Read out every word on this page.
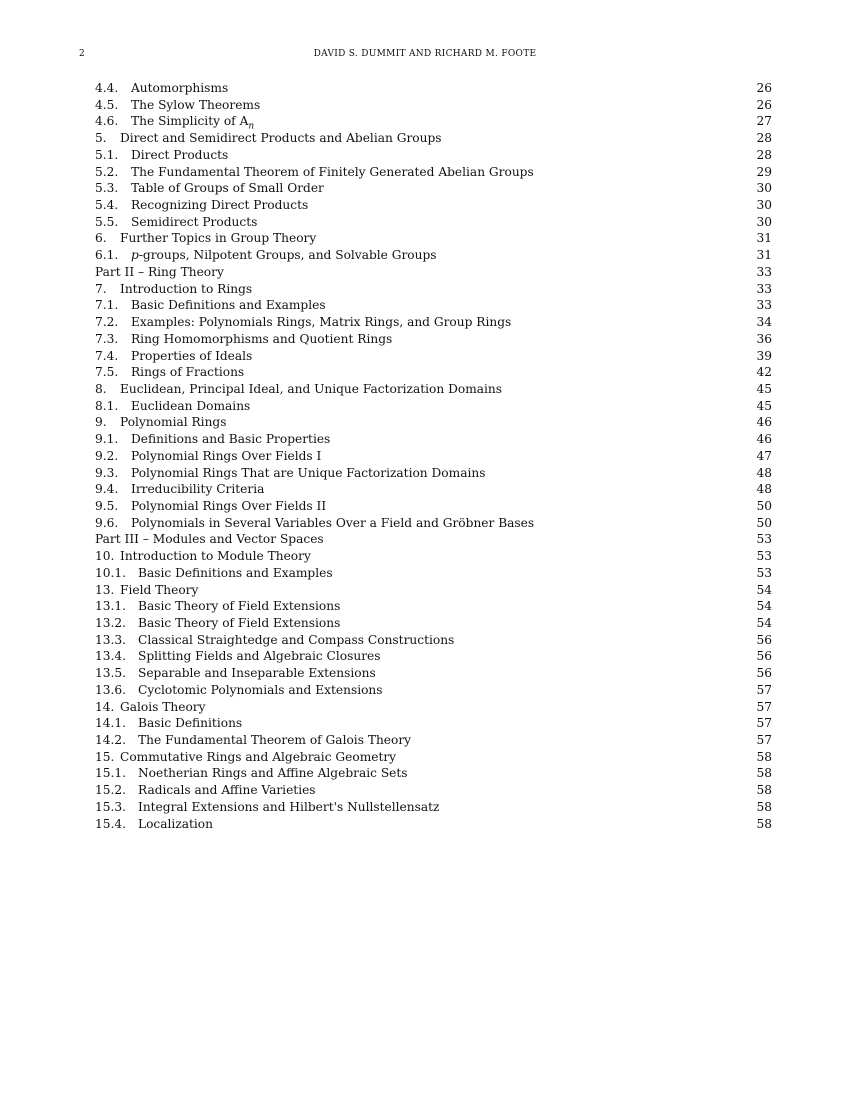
2	DAVID S. DUMMIT AND RICHARD M. FOOTE
4.4. Automorphisms	26
4.5. The Sylow Theorems	26
4.6. The Simplicity of $A_n$	27
5. Direct and Semidirect Products and Abelian Groups	28
5.1. Direct Products	28
5.2. The Fundamental Theorem of Finitely Generated Abelian Groups	29
5.3. Table of Groups of Small Order	30
5.4. Recognizing Direct Products	30
5.5. Semidirect Products	30
6. Further Topics in Group Theory	31
6.1. p-groups, Nilpotent Groups, and Solvable Groups	31
Part II – Ring Theory	33
7. Introduction to Rings	33
7.1. Basic Definitions and Examples	33
7.2. Examples: Polynomials Rings, Matrix Rings, and Group Rings	34
7.3. Ring Homomorphisms and Quotient Rings	36
7.4. Properties of Ideals	39
7.5. Rings of Fractions	42
8. Euclidean, Principal Ideal, and Unique Factorization Domains	45
8.1. Euclidean Domains	45
9. Polynomial Rings	46
9.1. Definitions and Basic Properties	46
9.2. Polynomial Rings Over Fields I	47
9.3. Polynomial Rings That are Unique Factorization Domains	48
9.4. Irreducibility Criteria	48
9.5. Polynomial Rings Over Fields II	50
9.6. Polynomials in Several Variables Over a Field and Gröbner Bases	50
Part III – Modules and Vector Spaces	53
10. Introduction to Module Theory	53
10.1. Basic Definitions and Examples	53
13. Field Theory	54
13.1. Basic Theory of Field Extensions	54
13.2. Basic Theory of Field Extensions	54
13.3. Classical Straightedge and Compass Constructions	56
13.4. Splitting Fields and Algebraic Closures	56
13.5. Separable and Inseparable Extensions	56
13.6. Cyclotomic Polynomials and Extensions	57
14. Galois Theory	57
14.1. Basic Definitions	57
14.2. The Fundamental Theorem of Galois Theory	57
15. Commutative Rings and Algebraic Geometry	58
15.1. Noetherian Rings and Affine Algebraic Sets	58
15.2. Radicals and Affine Varieties	58
15.3. Integral Extensions and Hilbert's Nullstellensatz	58
15.4. Localization	58
